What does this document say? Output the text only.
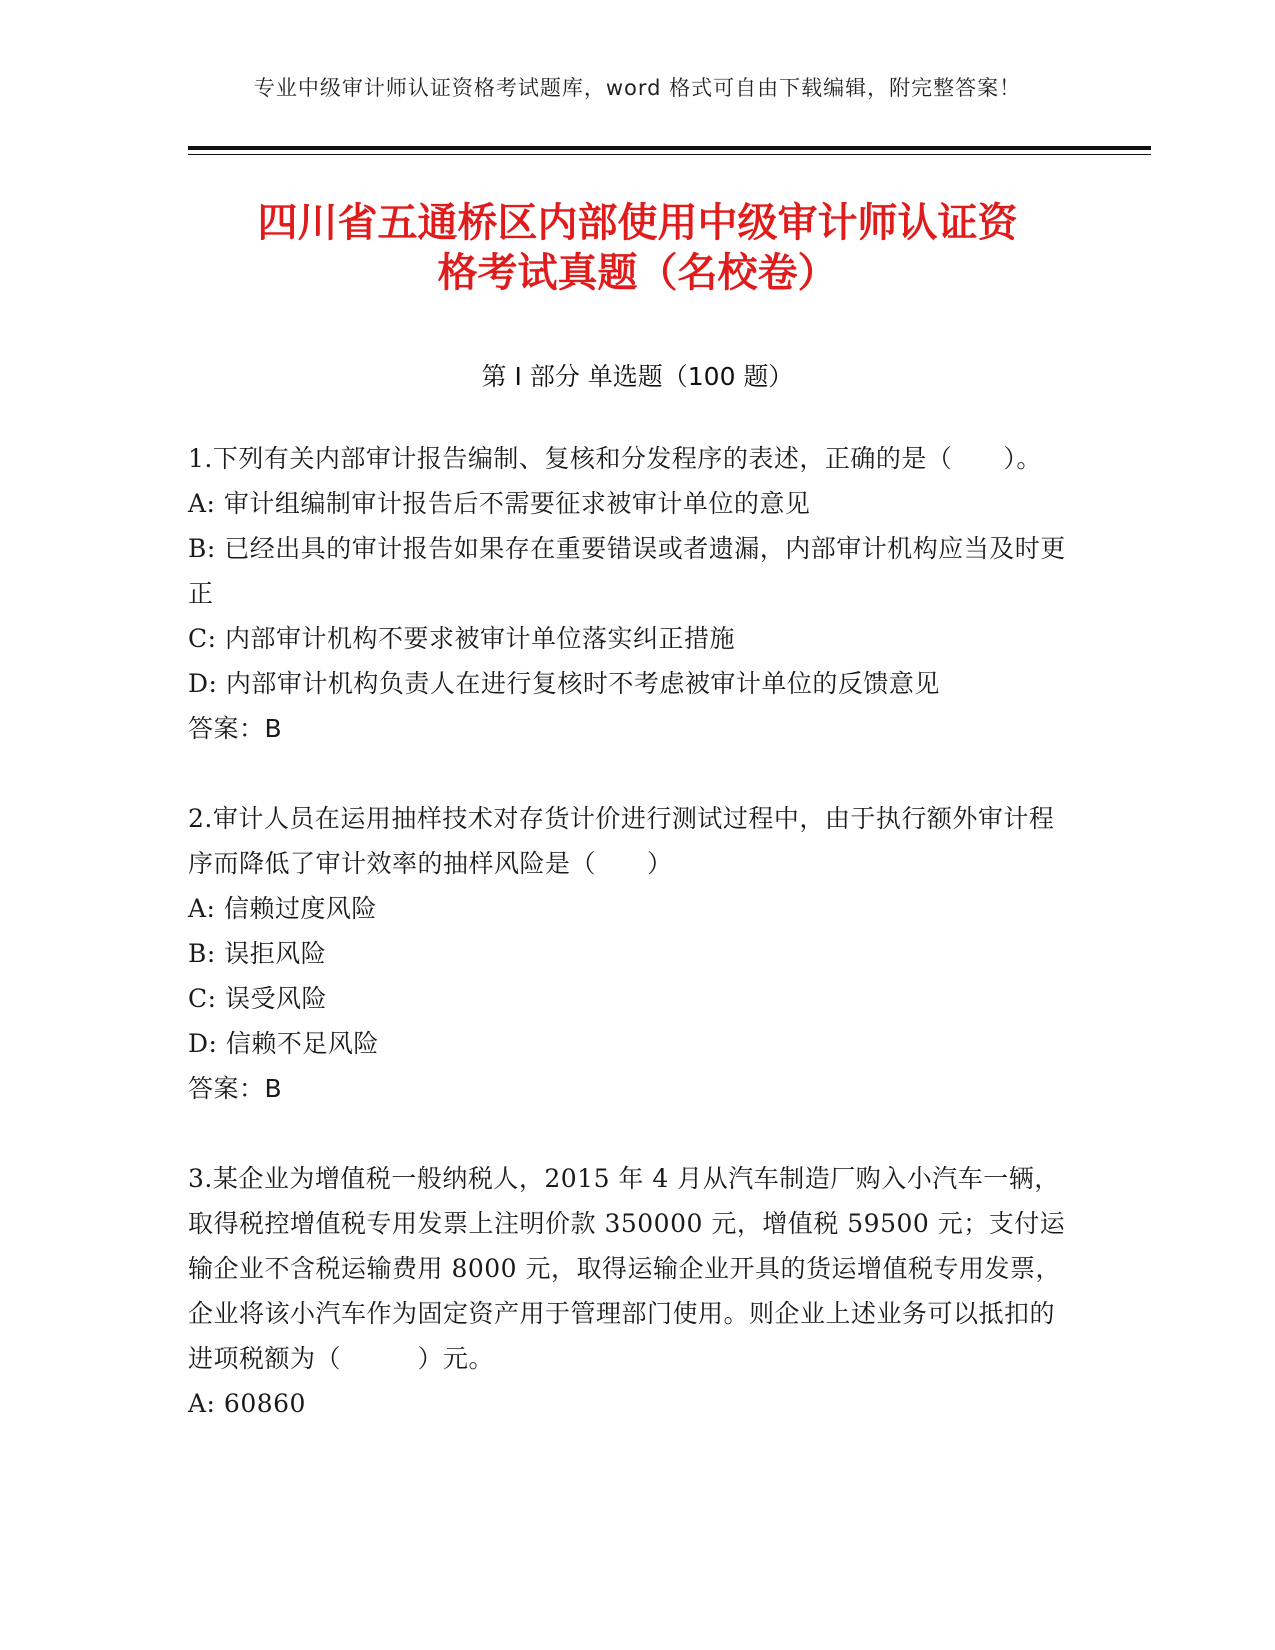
专业中级审计师认证资格考试题库，word 格式可自由下载编辑，附完整答案！
四川省五通桥区内部使用中级审计师认证资
格考试真题（名校卷）
第 I 部分 单选题（100 题）

1.下列有关内部审计报告编制、复核和分发程序的表述，正确的是（　　）。

A: 审计组编制审计报告后不需要征求被审计单位的意见

B: 已经出具的审计报告如果存在重要错误或者遗漏，内部审计机构应当及时更正

C: 内部审计机构不要求被审计单位落实纠正措施

D: 内部审计机构负责人在进行复核时不考虑被审计单位的反馈意见

答案：B

2.审计人员在运用抽样技术对存货计价进行测试过程中，由于执行额外审计程序而降低了审计效率的抽样风险是（　　）

A: 信赖过度风险

B: 误拒风险

C: 误受风险

D: 信赖不足风险

答案：B

3.某企业为增值税一般纳税人，2015 年 4 月从汽车制造厂购入小汽车一辆，取得税控增值税专用发票上注明价款 350000 元，增值税 59500 元；支付运输企业不含税运输费用 8000 元，取得运输企业开具的货运增值税专用发票，企业将该小汽车作为固定资产用于管理部门使用。则企业上述业务可以抵扣的进项税额为（　　　）元。

A: 60860
